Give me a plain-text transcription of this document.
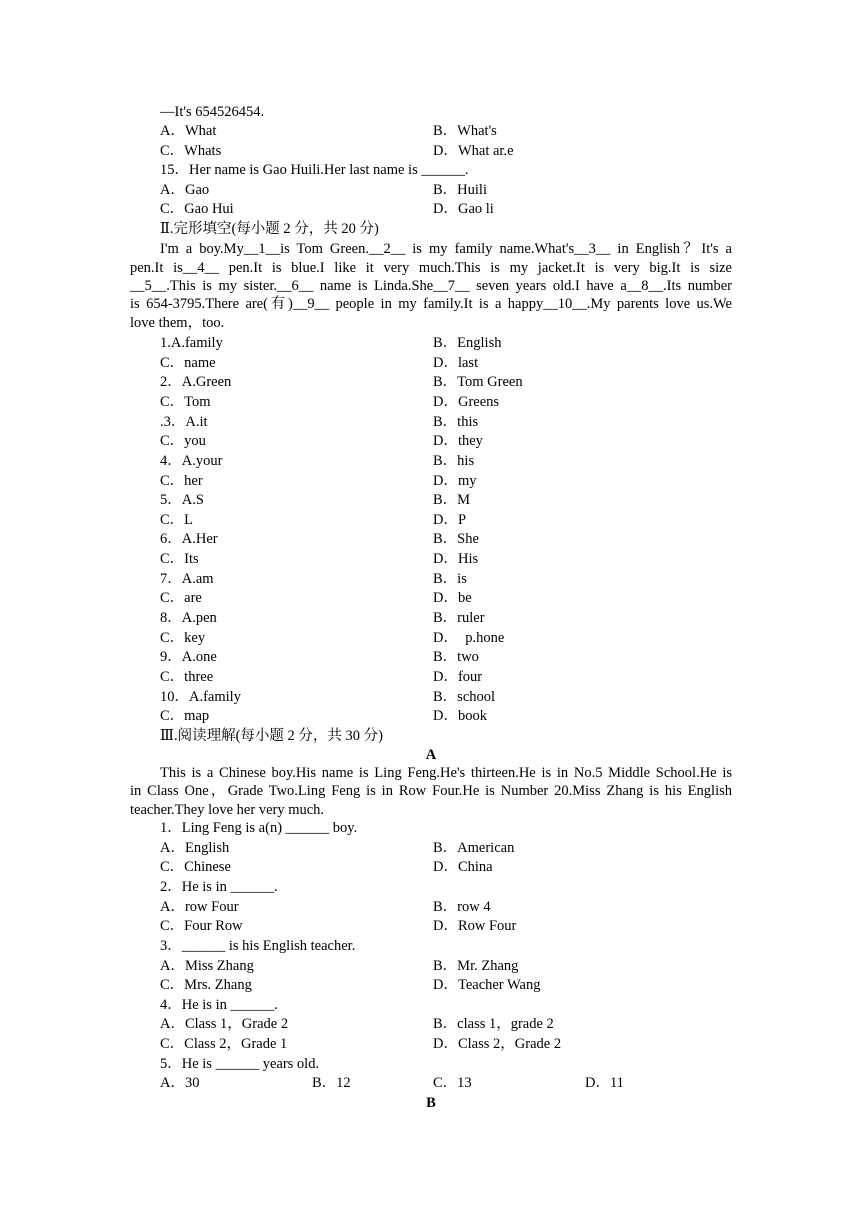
—It's 654526454.
A．What	B．What's
C．Whats	D．What ar.e
15．Her name is Gao Huili.Her last name is ______.
A．Gao	B．Huili
C．Gao Hui	D．Gao li
Ⅱ.完形填空(每小题 2 分，共 20 分)
I'm a boy.My__1__is Tom Green.__2__ is my family name.What's__3__ in English？It's a
pen.It is__4__ pen.It is blue.I like it very much.This is my jacket.It is very big.It is size
__5__.This is my sister.__6__ name is Linda.She__7__ seven years old.I have a__8__.Its number
is 654-3795.There are(有)__9__ people in my family.It is a happy__10__.My parents love us.We
love them，too.
1.A.family	B．English
C．name	D．last
2．A.Green	B．Tom Green
C．Tom	D．Greens
.3．A.it	B．this
C．you	D．they
4．A.your	B．his
C．her	D．my
5．A.S	B．M
C．L	D．P
6．A.Her	B．She
C．Its	D．His
7．A.am	B．is
C．are	D．be
8．A.pen	B．ruler
C．key	D．  p.hone
9．A.one	B．two
C．three	D．four
10．A.family	B．school
C．map	D．book
Ⅲ.阅读理解(每小题 2 分，共 30 分)
A
This is a Chinese boy.His name is Ling Feng.He's thirteen.He is in No.5 Middle School.He is
in Class One，Grade Two.Ling Feng is in Row Four.He is Number 20.Miss Zhang is his English
teacher.They love her very much.
1．Ling Feng is a(n) ______ boy.
A．English	B．American
C．Chinese	D．China
2．He is in ______.
A．row Four	B．row 4
C．Four Row	D．Row Four
3．______ is his English teacher.
A．Miss Zhang	B．Mr. Zhang
C．Mrs. Zhang	D．Teacher Wang
4．He is in ______.
A．Class 1，Grade 2	B．class 1，grade 2
C．Class 2，Grade 1	D．Class 2，Grade 2
5．He is ______ years old.
A．30	B．12	C．13	D．11
B
